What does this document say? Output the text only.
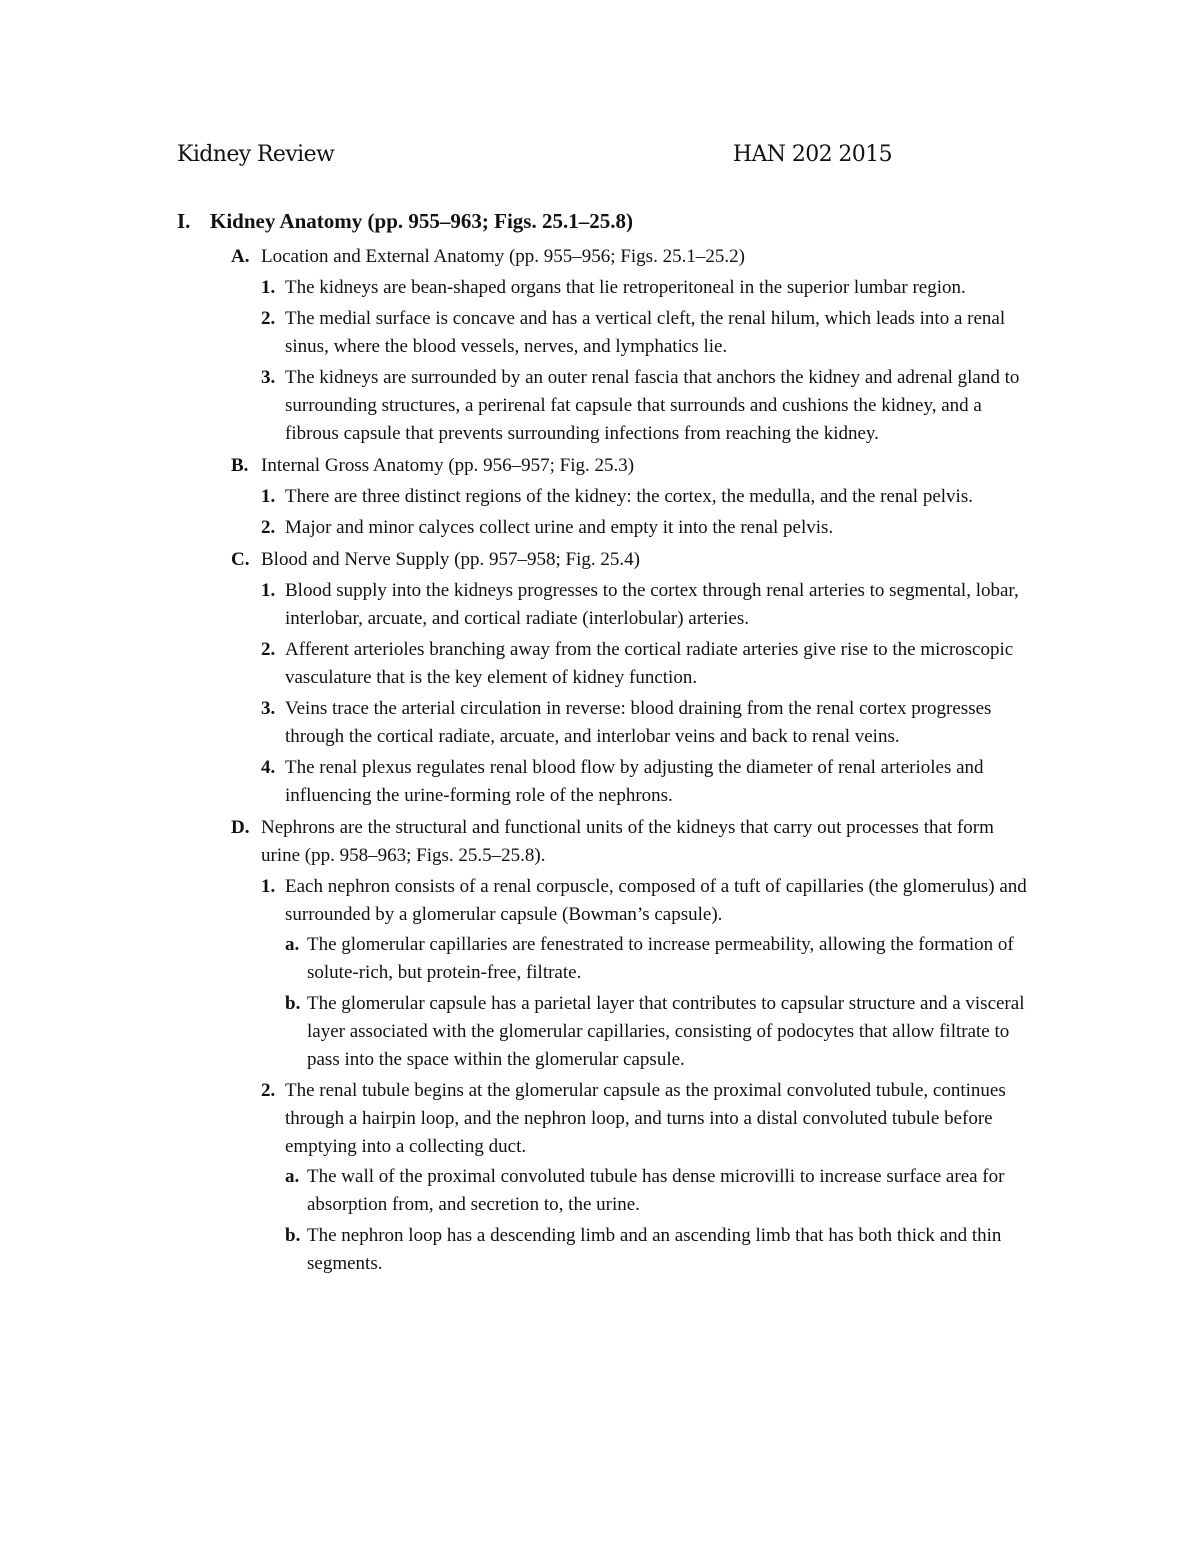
Kidney Review	HAN 202 2015
I. Kidney Anatomy (pp. 955–963; Figs. 25.1–25.8)
A. Location and External Anatomy (pp. 955–956; Figs. 25.1–25.2)
1. The kidneys are bean-shaped organs that lie retroperitoneal in the superior lumbar region.
2. The medial surface is concave and has a vertical cleft, the renal hilum, which leads into a renal sinus, where the blood vessels, nerves, and lymphatics lie.
3. The kidneys are surrounded by an outer renal fascia that anchors the kidney and adrenal gland to surrounding structures, a perirenal fat capsule that surrounds and cushions the kidney, and a fibrous capsule that prevents surrounding infections from reaching the kidney.
B. Internal Gross Anatomy (pp. 956–957; Fig. 25.3)
1. There are three distinct regions of the kidney: the cortex, the medulla, and the renal pelvis.
2. Major and minor calyces collect urine and empty it into the renal pelvis.
C. Blood and Nerve Supply (pp. 957–958; Fig. 25.4)
1. Blood supply into the kidneys progresses to the cortex through renal arteries to segmental, lobar, interlobar, arcuate, and cortical radiate (interlobular) arteries.
2. Afferent arterioles branching away from the cortical radiate arteries give rise to the microscopic vasculature that is the key element of kidney function.
3. Veins trace the arterial circulation in reverse: blood draining from the renal cortex progresses through the cortical radiate, arcuate, and interlobar veins and back to renal veins.
4. The renal plexus regulates renal blood flow by adjusting the diameter of renal arterioles and influencing the urine-forming role of the nephrons.
D. Nephrons are the structural and functional units of the kidneys that carry out processes that form urine (pp. 958–963; Figs. 25.5–25.8).
1. Each nephron consists of a renal corpuscle, composed of a tuft of capillaries (the glomerulus) and surrounded by a glomerular capsule (Bowman’s capsule).
a. The glomerular capillaries are fenestrated to increase permeability, allowing the formation of solute-rich, but protein-free, filtrate.
b. The glomerular capsule has a parietal layer that contributes to capsular structure and a visceral layer associated with the glomerular capillaries, consisting of podocytes that allow filtrate to pass into the space within the glomerular capsule.
2. The renal tubule begins at the glomerular capsule as the proximal convoluted tubule, continues through a hairpin loop, and the nephron loop, and turns into a distal convoluted tubule before emptying into a collecting duct.
a. The wall of the proximal convoluted tubule has dense microvilli to increase surface area for absorption from, and secretion to, the urine.
b. The nephron loop has a descending limb and an ascending limb that has both thick and thin segments.
